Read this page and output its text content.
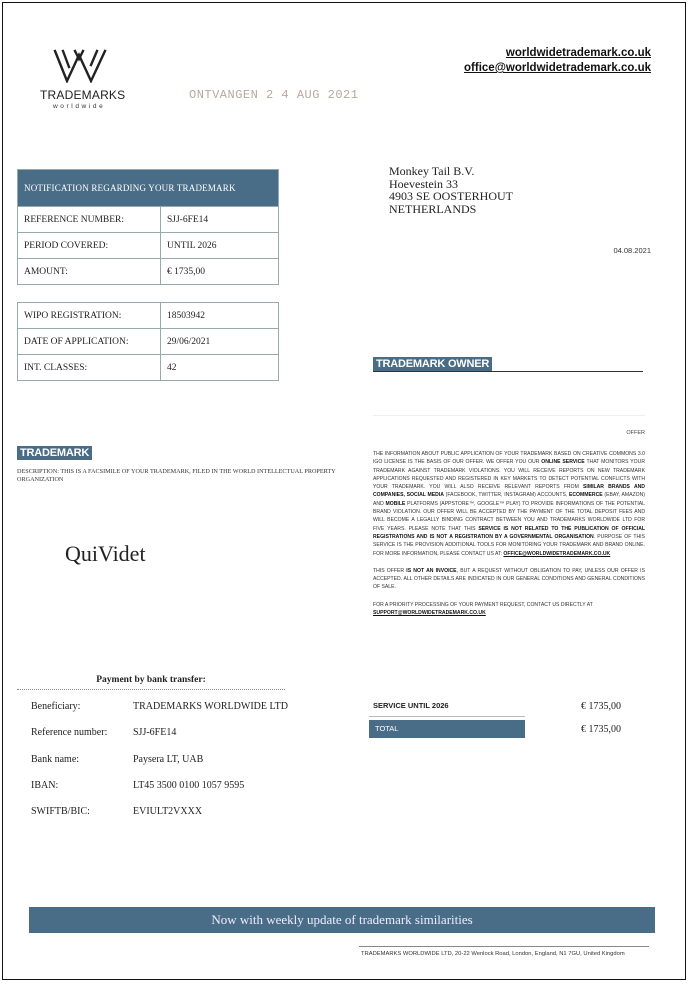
TRADEMARKS
worldwide
ONTVANGEN 2 4 AUG 2021
worldwidetrademark.co.uk
office@worldwidetrademark.co.uk
NOTIFICATION REGARDING YOUR TRADEMARK	
REFERENCE NUMBER:	SJJ-6FE14
PERIOD COVERED:	UNTIL 2026
AMOUNT:	€ 1735,00
WIPO REGISTRATION:	18503942
DATE OF APPLICATION:	29/06/2021
INT. CLASSES:	42
Monkey Tail B.V.
Hoevestein 33
4903 SE OOSTERHOUT
NETHERLANDS
04.08.2021
TRADEMARK OWNER
TRADEMARK
DESCRIPTION: THIS IS A FACSIMILE OF YOUR TRADEMARK, FILED IN THE WORLD INTELLECTUAL PROPERTY ORGANIZATION
QuiVidet
OFFER

THE INFORMATION ABOUT PUBLIC APPLICATION OF YOUR TRADEMARK BASED ON CREATIVE COMMONS 3.0 IGO LICENSE IS THE BASIS OF OUR OFFER. WE OFFER YOU OUR ONLINE SERVICE THAT MONITORS YOUR TRADEMARK AGAINST TRADEMARK VIOLATIONS. YOU WILL RECEIVE REPORTS ON NEW TRADEMARK APPLICATIONS REQUESTED AND REGISTERED IN KEY MARKETS TO DETECT POTENTIAL CONFLICTS WITH YOUR TRADEMARK. YOU WILL ALSO RECEIVE RELEVANT REPORTS FROM SIMILAR BRANDS AND COMPANIES, SOCIAL MEDIA (FACEBOOK, TWITTER, INSTAGRAM) ACCOUNTS, ECOMMERCE (EBAY, AMAZON) AND MOBILE PLATFORMS (APPSTORE™, GOOGLE™ PLAY) TO PROVIDE INFORMATIONS OF THE POTENTIAL BRAND VIOLATION. OUR OFFER WILL BE ACCEPTED BY THE PAYMENT OF THE TOTAL DEPOSIT FEES AND WILL BECOME A LEGALLY BINDING CONTRACT BETWEEN YOU AND TRADEMARKS WORLDWIDE LTD FOR FIVE YEARS. PLEASE NOTE THAT THIS SERVICE IS NOT RELATED TO THE PUBLICATION OF OFFICIAL REGISTRATIONS AND IS NOT A REGISTRATION BY A GOVERNMENTAL ORGANISATION. PURPOSE OF THIS SERVICE IS THE PROVISION ADDITIONAL TOOLS FOR MONITORING YOUR TRADEMARK AND BRAND ONLINE. FOR MORE INFORMATION, PLEASE CONTACT US AT: OFFICE@WORLDWIDETRADEMARK.CO.UK

THIS OFFER IS NOT AN INVOICE, BUT A REQUEST WITHOUT OBLIGATION TO PAY, UNLESS OUR OFFER IS ACCEPTED. ALL OTHER DETAILS ARE INDICATED IN OUR GENERAL CONDITIONS AND GENERAL CONDITIONS OF SALE.

FOR A PRIORITY PROCESSING OF YOUR PAYMENT REQUEST, CONTACT US DIRECTLY AT
SUPPORT@WORLDWIDETRADEMARK.CO.UK

SERVICE UNTIL 2026	€ 1735,00
TOTAL	€ 1735,00
Payment by bank transfer:
Beneficiary:	TRADEMARKS WORLDWIDE LTD
Reference number:	SJJ-6FE14
Bank name:	Paysera LT, UAB
IBAN:	LT45 3500 0100 1057 9595
SWIFTB/BIC:	EVIULT2VXXX
Now with weekly update of trademark similarities
TRADEMARKS WORLDWIDE LTD, 20-22 Wenlock Road, London, England, N1 7GU, United Kingdom
